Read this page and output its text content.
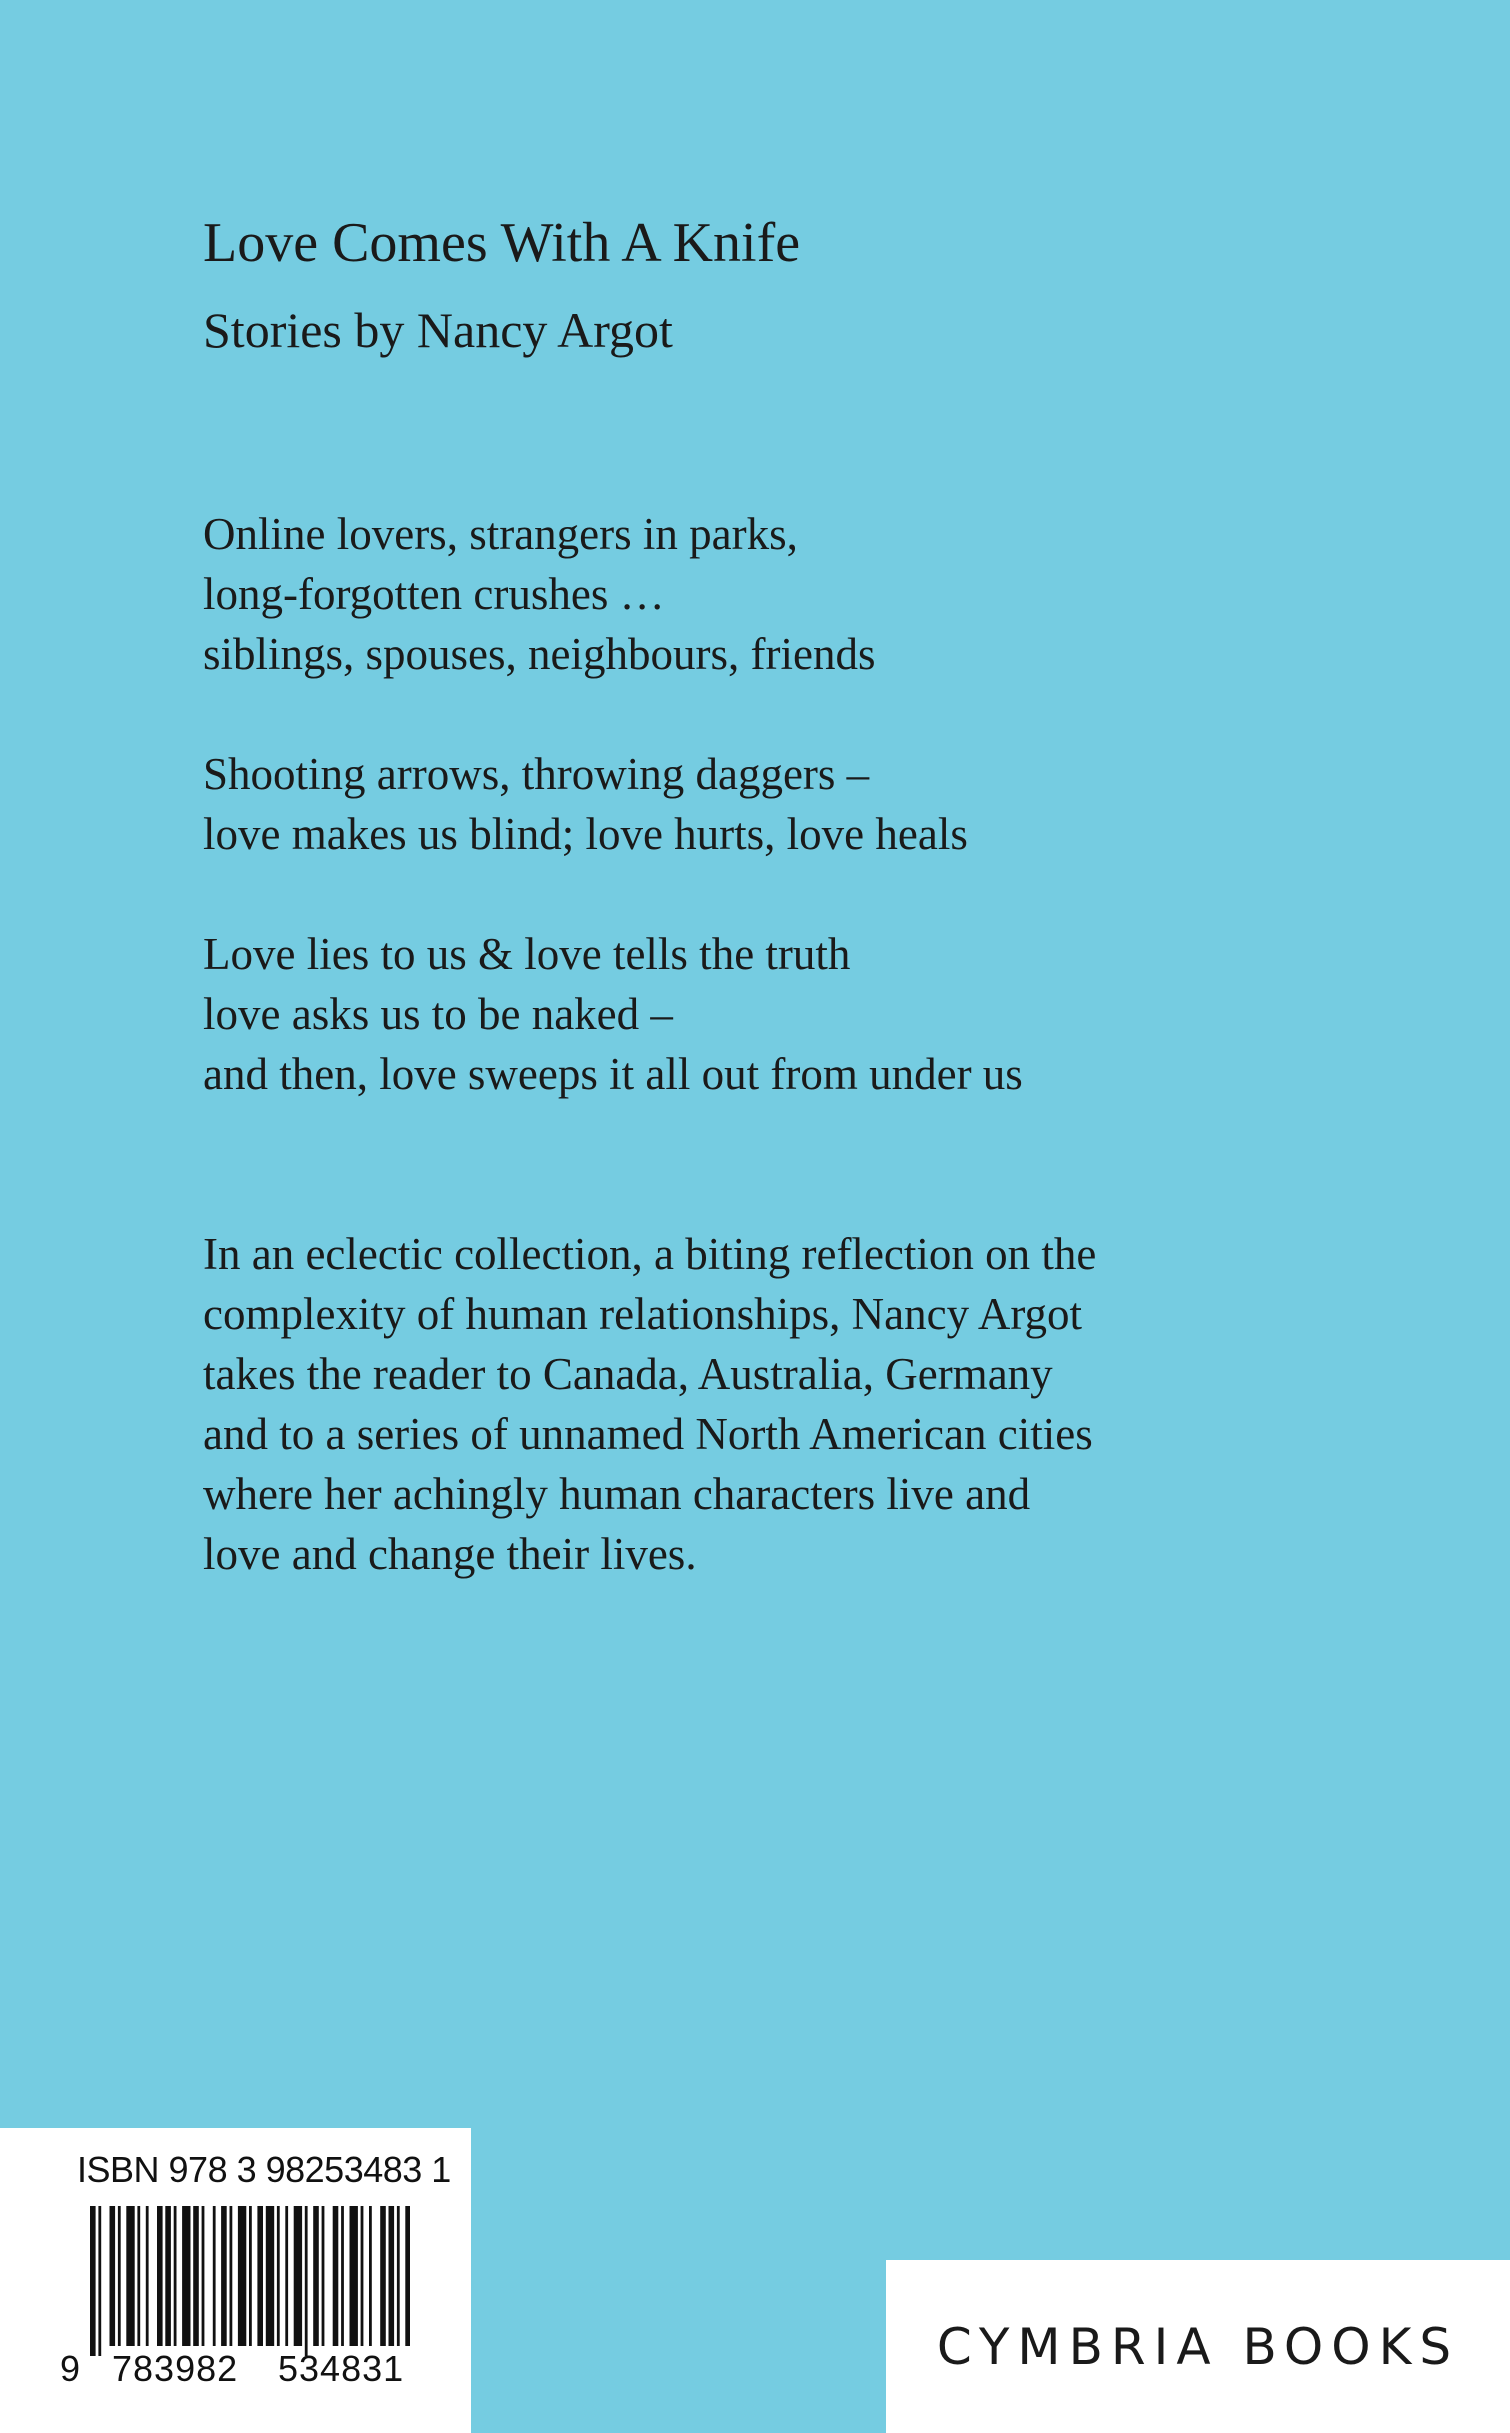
Love Comes With A Knife
Stories by Nancy Argot
Online lovers, strangers in parks,
long-forgotten crushes …
siblings, spouses, neighbours, friends
Shooting arrows, throwing daggers –
love makes us blind; love hurts, love heals
Love lies to us & love tells the truth
love asks us to be naked –
and then, love sweeps it all out from under us
In an eclectic collection, a biting reflection on the
complexity of human relationships, Nancy Argot
takes the reader to Canada, Australia, Germany
and to a series of unnamed North American cities
where her achingly human characters live and
love and change their lives.
ISBN 978 3 98253483 1
9 783982 534831	CYMBRIA BOOKS
